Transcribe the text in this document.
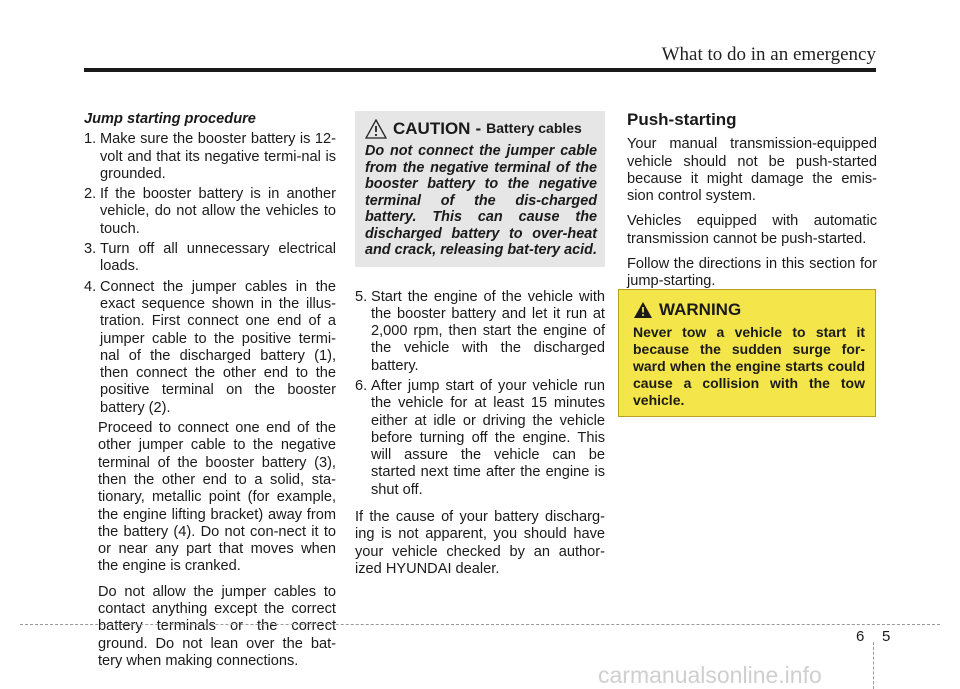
What to do in an emergency
Jump starting procedure
1. Make sure the booster battery is 12-volt and that its negative termi-nal is grounded.
2. If the booster battery is in another vehicle, do not allow the vehicles to touch.
3. Turn off all unnecessary electrical loads.
4. Connect the jumper cables in the exact sequence shown in the illus-tration. First connect one end of a jumper cable to the positive termi-nal of the discharged battery (1), then connect the other end to the positive terminal on the booster battery (2).
Proceed to connect one end of the other jumper cable to the negative terminal of the booster battery (3), then the other end to a solid, sta-tionary, metallic point (for example, the engine lifting bracket) away from the battery (4). Do not con-nect it to or near any part that moves when the engine is cranked.
Do not allow the jumper cables to contact anything except the correct battery terminals or the correct ground. Do not lean over the bat-tery when making connections.
CAUTION - Battery cables
Do not connect the jumper cable from the negative terminal of the booster battery to the negative terminal of the dis-charged battery. This can cause the discharged battery to over-heat and crack, releasing bat-tery acid.
5. Start the engine of the vehicle with the booster battery and let it run at 2,000 rpm, then start the engine of the vehicle with the discharged battery.
6. After jump start of your vehicle run the vehicle for at least 15 minutes either at idle or driving the vehicle before turning off the engine. This will assure the vehicle can be started next time after the engine is shut off.
If the cause of your battery discharg-ing is not apparent, you should have your vehicle checked by an author-ized HYUNDAI dealer.
Push-starting
Your manual transmission-equipped vehicle should not be push-started because it might damage the emis-sion control system.
Vehicles equipped with automatic transmission cannot be push-started.
Follow the directions in this section for jump-starting.
WARNING
Never tow a vehicle to start it because the sudden surge for-ward when the engine starts could cause a collision with the tow vehicle.
6 5
carmanualsonline.info
